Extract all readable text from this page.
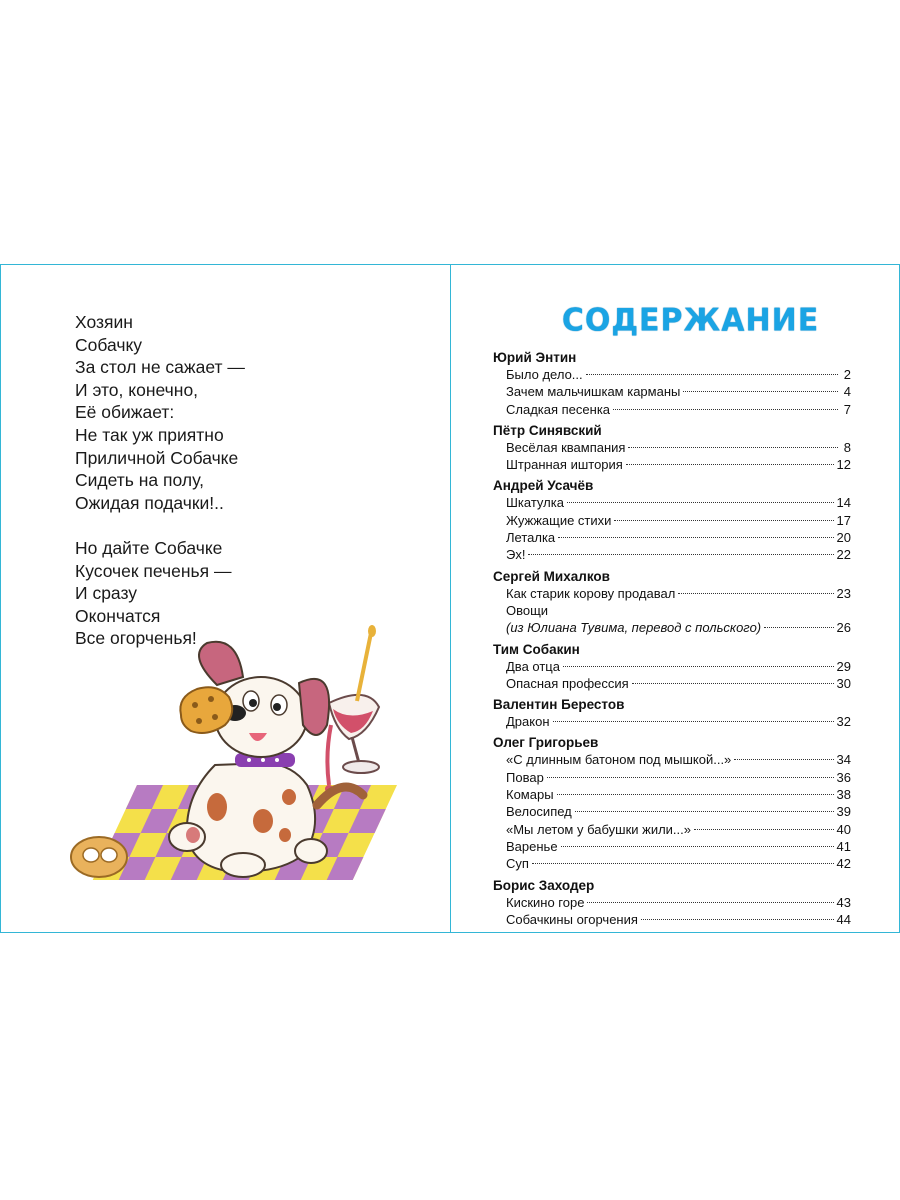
Хозяин
Собачку
За стол не сажает —
И это, конечно,
Её обижает:
Не так уж приятно
Приличной Собачке
Сидеть на полу,
Ожидая подачки!..
Но дайте Собачке
Кусочек печенья —
И сразу
Окончатся
Все огорченья!
СОДЕРЖАНИЕ
Юрий Энтин
Было дело...	2
Зачем мальчишкам карманы	4
Сладкая песенка	7
Пётр Синявский
Весёлая квампания	8
Штранная иштория	12
Андрей Усачёв
Шкатулка	14
Жужжащие стихи	17
Леталка	20
Эх!	22
Сергей Михалков
Как старик корову продавал	23
Овощи
(из Юлиана Тувима, перевод с польского)	26
Тим Собакин
Два отца	29
Опасная профессия	30
Валентин Берестов
Дракон	32
Олег Григорьев
«С длинным батоном под мышкой...»	34
Повар	36
Комары	38
Велосипед	39
«Мы летом у бабушки жили...»	40
Варенье	41
Суп	42
Борис Заходер
Кискино горе	43
Собачкины огорчения	44
